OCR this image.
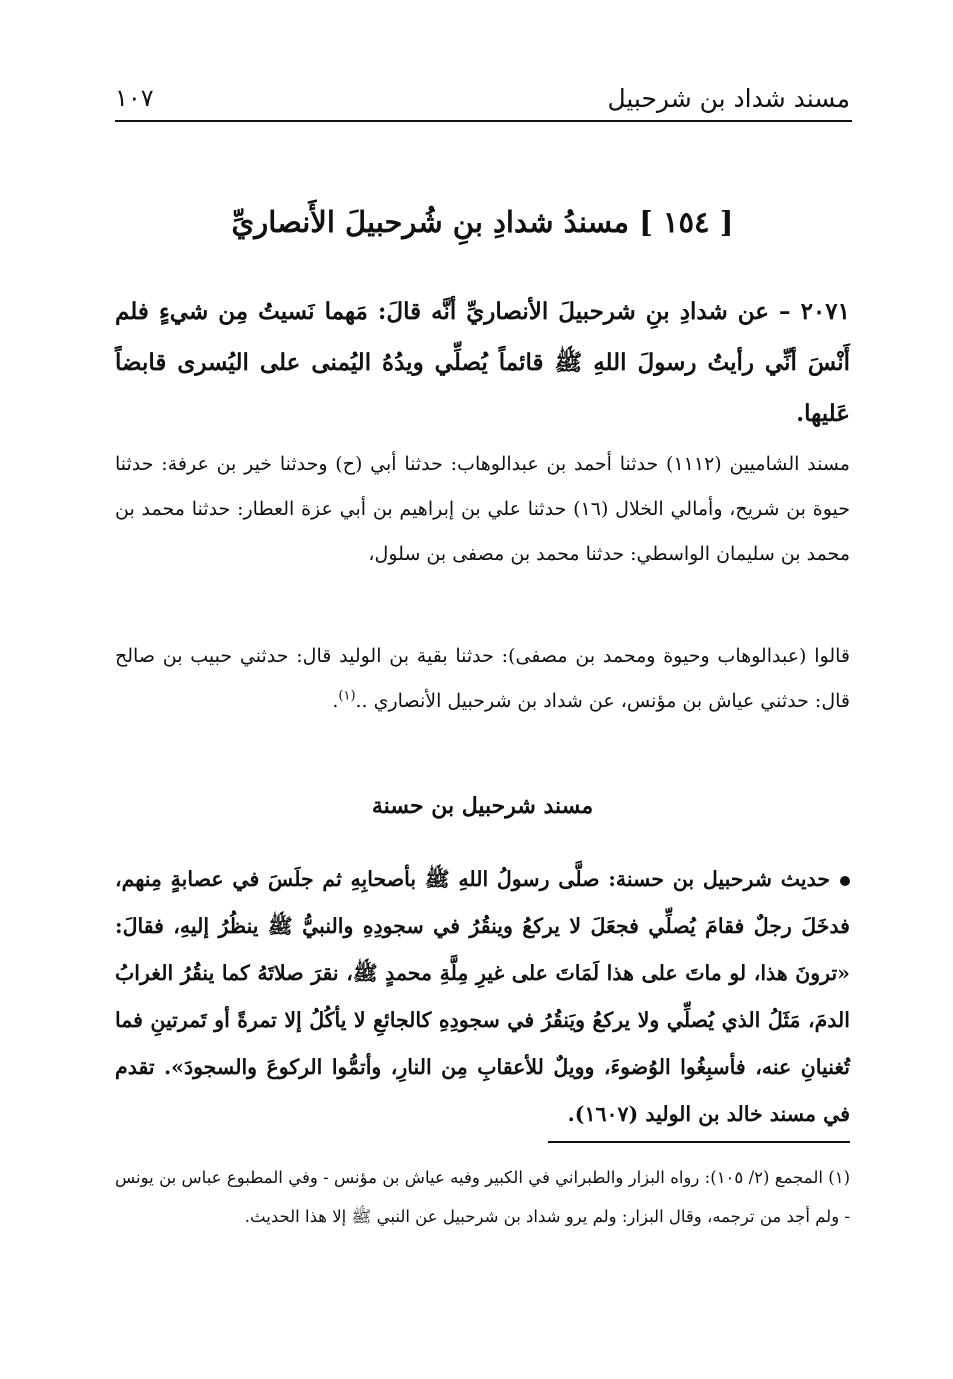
مسند شداد بن شرحبيل
١٠٧
[ ١٥٤ ] مسندُ شدادِ بنِ شُرحبيلَ الأَنصاريِّ

٢٠٧١ – عن شدادِ بنِ شرحبيلَ الأنصاريِّ أنَّه قالَ: مَهما نَسيتُ مِن شيءٍ فلم أَنْسَ أنِّي رأيتُ رسولَ اللهِ ﷺ قائماً يُصلِّي ويدُهُ اليُمنى على اليُسرى قابضاً عَليها.

مسند الشاميين (١١١٢) حدثنا أحمد بن عبدالوهاب: حدثنا أبي (ح) وحدثنا خير بن عرفة: حدثنا حيوة بن شريح، وأمالي الخلال (١٦) حدثنا علي بن إبراهيم بن أبي عزة العطار: حدثنا محمد بن محمد بن سليمان الواسطي: حدثنا محمد بن مصفى بن سلول،

قالوا (عبدالوهاب وحيوة ومحمد بن مصفى): حدثنا بقية بن الوليد قال: حدثني حبيب بن صالح قال: حدثني عياش بن مؤنس، عن شداد بن شرحبيل الأنصاري ..$^{(١)}$.

مسند شرحبيل بن حسنة

حديث شرحبيل بن حسنة: صلَّى رسولُ اللهِ ﷺ بأصحابِهِ ثم جلَسَ في عصابةٍ مِنهم، فدخَلَ رجلٌ فقامَ يُصلِّي فجعَلَ لا يركعُ وينقُرُ في سجودِهِ والنبيُّ ﷺ ينظُرُ إليهِ، فقالَ: «ترونَ هذا، لو ماتَ على هذا لَمَاتَ على غيرِ مِلَّةِ محمدٍ ﷺ، نقرَ صلاتَهُ كما ينقُرُ الغرابُ الدمَ، مَثَلُ الذي يُصلِّي ولا يركعُ ويَنقُرُ في سجودِهِ كالجائعِ لا يأكُلُ إلا تمرةً أو تَمرتينِ فما تُغنيانِ عنه، فأسبِغُوا الوُضوءَ، وويلٌ للأعقابِ مِن النارِ، وأتمُّوا الركوعَ والسجودَ». تقدم في مسند خالد بن الوليد (١٦٠٧).

(١) المجمع (٢/ ١٠٥): رواه البزار والطبراني في الكبير وفيه عياش بن مؤنس - وفي المطبوع عباس بن يونس - ولم أجد من ترجمه، وقال البزار: ولم يرو شداد بن شرحبيل عن النبي ﷺ إلا هذا الحديث.
